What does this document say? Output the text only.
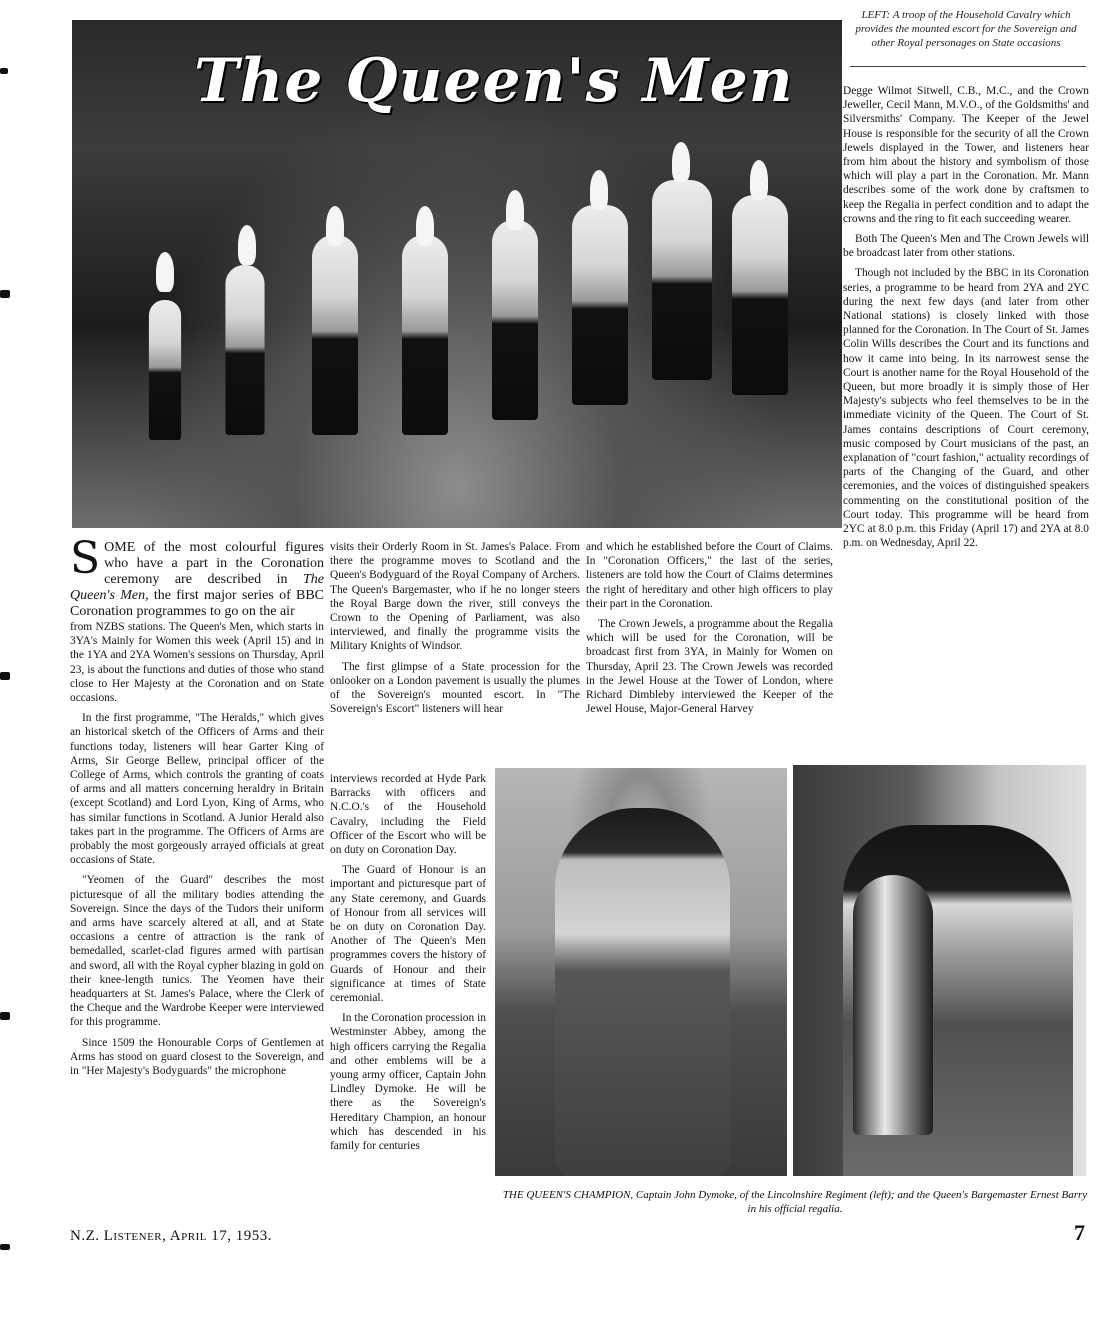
The Queen's Men
LEFT: A troop of the Household Cavalry which provides the mounted escort for the Sovereign and other Royal personages on State occasions

SOME of the most colourful figures who have a part in the Coronation ceremony are described in The Queen's Men, the first major series of BBC Coronation programmes to go on the air

from NZBS stations. The Queen's Men, which starts in 3YA's Mainly for Women this week (April 15) and in the 1YA and 2YA Women's sessions on Thursday, April 23, is about the functions and duties of those who stand close to Her Majesty at the Coronation and on State occasions.

In the first programme, "The Heralds," which gives an historical sketch of the Officers of Arms and their functions today, listeners will hear Garter King of Arms, Sir George Bellew, principal officer of the College of Arms, which controls the granting of coats of arms and all matters concerning heraldry in Britain (except Scotland) and Lord Lyon, King of Arms, who has similar functions in Scotland. A Junior Herald also takes part in the programme. The Officers of Arms are probably the most gorgeously arrayed officials at great occasions of State.

"Yeomen of the Guard" describes the most picturesque of all the military bodies attending the Sovereign. Since the days of the Tudors their uniform and arms have scarcely altered at all, and at State occasions a centre of attraction is the rank of bemedalled, scarlet-clad figures armed with partisan and sword, all with the Royal cypher blazing in gold on their knee-length tunics. The Yeomen have their headquarters at St. James's Palace, where the Clerk of the Cheque and the Wardrobe Keeper were interviewed for this programme.

Since 1509 the Honourable Corps of Gentlemen at Arms has stood on guard closest to the Sovereign, and in "Her Majesty's Bodyguards" the microphone

visits their Orderly Room in St. James's Palace. From there the programme moves to Scotland and the Queen's Bodyguard of the Royal Company of Archers. The Queen's Bargemaster, who if he no longer steers the Royal Barge down the river, still conveys the Crown to the Opening of Parliament, was also interviewed, and finally the programme visits the Military Knights of Windsor.

The first glimpse of a State procession for the onlooker on a London pavement is usually the plumes of the Sovereign's mounted escort. In "The Sovereign's Escort" listeners will hear

interviews recorded at Hyde Park Barracks with officers and N.C.O.'s of the Household Cavalry, including the Field Officer of the Escort who will be on duty on Coronation Day.

The Guard of Honour is an important and picturesque part of any State ceremony, and Guards of Honour from all services will be on duty on Coronation Day. Another of The Queen's Men programmes covers the history of Guards of Honour and their significance at times of State ceremonial.

In the Coronation procession in Westminster Abbey, among the high officers carrying the Regalia and other emblems will be a young army officer, Captain John Lindley Dymoke. He will be there as the Sovereign's Hereditary Champion, an honour which has descended in his family for centuries

and which he established before the Court of Claims. In "Coronation Officers," the last of the series, listeners are told how the Court of Claims determines the right of hereditary and other high officers to play their part in the Coronation.

The Crown Jewels, a programme about the Regalia which will be used for the Coronation, will be broadcast first from 3YA, in Mainly for Women on Thursday, April 23. The Crown Jewels was recorded in the Jewel House at the Tower of London, where Richard Dimbleby interviewed the Keeper of the Jewel House, Major-General Harvey

Degge Wilmot Sitwell, C.B., M.C., and the Crown Jeweller, Cecil Mann, M.V.O., of the Goldsmiths' and Silversmiths' Company. The Keeper of the Jewel House is responsible for the security of all the Crown Jewels displayed in the Tower, and listeners hear from him about the history and symbolism of those which will play a part in the Coronation. Mr. Mann describes some of the work done by craftsmen to keep the Regalia in perfect condition and to adapt the crowns and the ring to fit each succeeding wearer.

Both The Queen's Men and The Crown Jewels will be broadcast later from other stations.

Though not included by the BBC in its Coronation series, a programme to be heard from 2YA and 2YC during the next few days (and later from other National stations) is closely linked with those planned for the Coronation. In The Court of St. James Colin Wills describes the Court and its functions and how it came into being. In its narrowest sense the Court is another name for the Royal Household of the Queen, but more broadly it is simply those of Her Majesty's subjects who feel themselves to be in the immediate vicinity of the Queen. The Court of St. James contains descriptions of Court ceremony, music composed by Court musicians of the past, an explanation of "court fashion," actuality recordings of parts of the Changing of the Guard, and other ceremonies, and the voices of distinguished speakers commenting on the constitutional position of the Court today. This programme will be heard from 2YC at 8.0 p.m. this Friday (April 17) and 2YA at 8.0 p.m. on Wednesday, April 22.

THE QUEEN'S CHAMPION, Captain John Dymoke, of the Lincolnshire Regiment (left); and the Queen's Bargemaster Ernest Barry in his official regalia.
N.Z. Listener, April 17, 1953.	7
